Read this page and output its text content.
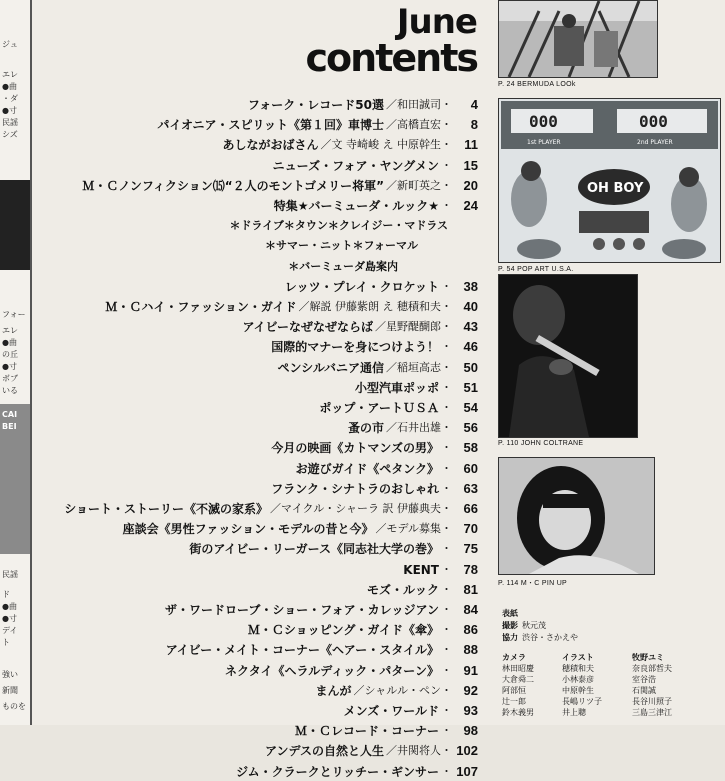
ジュ
エレ
●曲
・ダ
●寸
民謡
シズ
フォー
エレ
●曲
の丘
●寸
ボブ
いる
CAI
BEI
民謡
ド
●曲
●寸
デイ
ト
強い
新聞
ものを
June
contents
フォーク・レコード50選 ／和田誠司・	4
パイオニア・スピリット《第１回》車博士 ／高橋直宏・	8
あしながおばさん ／文 寺崎峻 え 中原幹生・ 11
ニューズ・フォア・ヤングメン ・ 15
Ｍ・Ｃノンフィクション⒂“２人のモントゴメリー将軍” ／新町英之・ 20
特集★バーミューダ・ルック★ ・ 24
＊ドライブ＊タウン＊クレイジー・マドラス
＊サマー・ニット＊フォーマル
＊バーミューダ島案内
レッツ・プレイ・クロケット ・ 38
Ｍ・Ｃハイ・ファッション・ガイド ／解説 伊藤紫朗 え 穂積和夫・ 40
アイビーなぜなぜならば ／星野醍醐郎・ 43
国際的マナーを身につけよう！ ・ 46
ペンシルバニア通信 ／稲垣高志・ 50
小型汽車ポッポ ・ 51
ポップ・アートＵＳＡ ・ 54
蚤の市 ／石井出雄・ 56
今月の映画《カトマンズの男》 ・ 58
お遊びガイド《ペタンク》 ・ 60
フランク・シナトラのおしゃれ ・ 63
ショート・ストーリー《不滅の家系》 ／マイクル・シャーラ 訳 伊藤典夫・ 66
座談会《男性ファッション・モデルの昔と今》 ／モデル募集・ 70
街のアイビー・リーガース《同志社大学の巻》 ・ 75
KENT ・ 78
モズ・ルック ・ 81
ザ・ワードローブ・ショー・フォア・カレッジアン ・ 84
Ｍ・Ｃショッピング・ガイド《傘》 ・ 86
アイビー・メイト・コーナー《ヘアー・スタイル》 ・ 88
ネクタイ《ヘラルディック・パターン》 ・ 91
まんが ／シャルル・ペン・ 92
メンズ・ワールド ・ 93
Ｍ・Ｃレコード・コーナー ・ 98
アンデスの自然と人生 ／井関将人・ 102
ジム・クラークとリッチー・ギンサー ・ 107
P. 24 BERMUDA LOOk
000	000
1st PLAYER	2nd PLAYER
OH BOY
P. 54 POP ART U.S.A.
P. 110 JOHN COLTRANE
P. 114 M・C PIN UP
表紙
撮影 秋元茂
協力 渋谷・さかえや
カメラ	イラスト	牧野ユミ
林田昭慶	穂積和夫	奈良部哲夫
大倉舜二	小林泰彦	室谷浩
阿部恒	中原幹生	石関誠
辻一郎	長嶋リツ子	長谷川照子
鈴木義男	井上聰	三島三津江
